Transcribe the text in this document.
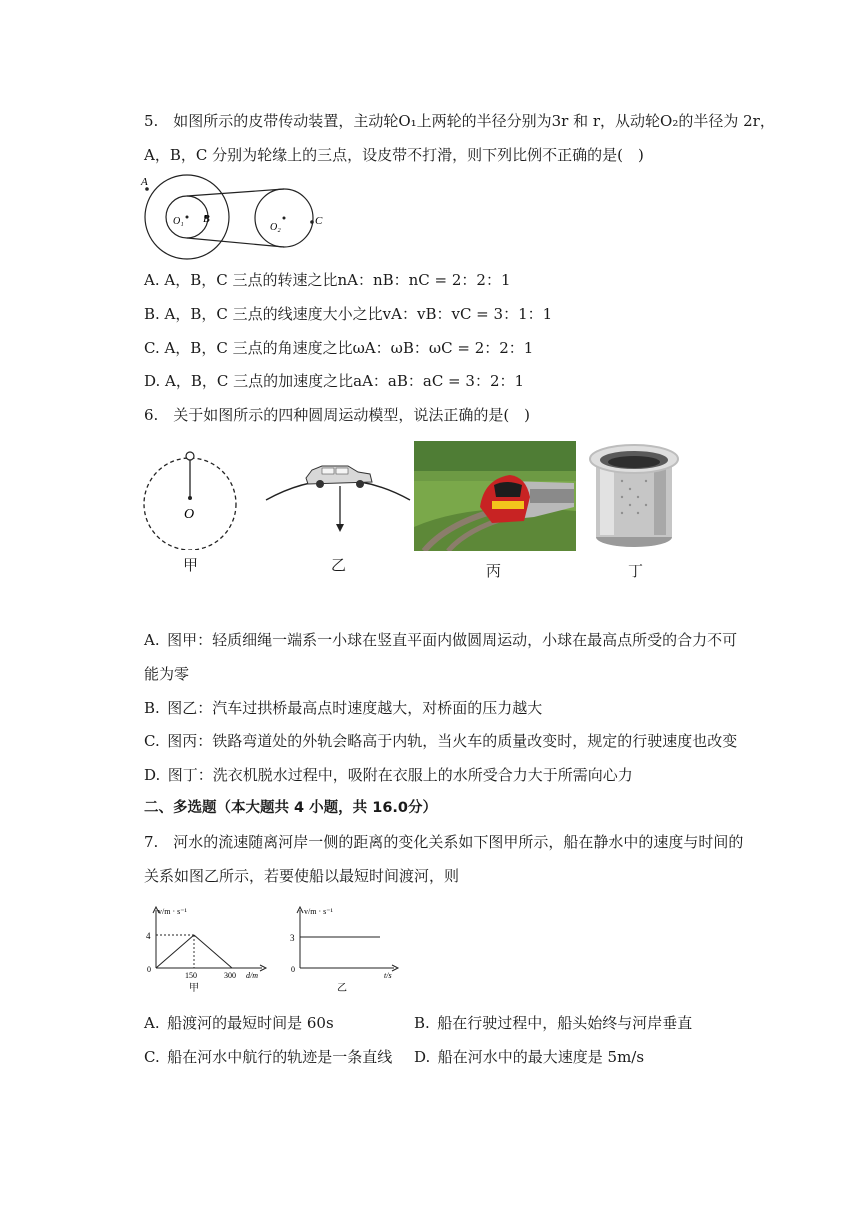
5. 如图所示的皮带传动装置，主动轮O₁上两轮的半径分别为3r 和 r，从动轮O₂的半径为 2r，
A，B，C 分别为轮缘上的三点，设皮带不打滑，则下列比例不正确的是( )
A
O₁ B
O₂
C
A. A，B，C 三点的转速之比nA：nB：nC = 2：2：1
B. A，B，C 三点的线速度大小之比vA：vB：vC = 3：1：1
C. A，B，C 三点的角速度之比ωA：ωB：ωC = 2：2：1
D. A，B，C 三点的加速度之比aA：aB：aC = 3：2：1
6. 关于如图所示的四种圆周运动模型，说法正确的是( )
O
甲	乙	丙	丁
A. 图甲：轻质细绳一端系一小球在竖直平面内做圆周运动，小球在最高点所受的合力不可
能为零
B. 图乙：汽车过拱桥最高点时速度越大，对桥面的压力越大
C. 图丙：铁路弯道处的外轨会略高于内轨，当火车的质量改变时，规定的行驶速度也改变
D. 图丁：洗衣机脱水过程中，吸附在衣服上的水所受合力大于所需向心力
二、多选题（本大题共 4 小题，共 16.0分）
7. 河水的流速随离河岸一侧的距离的变化关系如下图甲所示，船在静水中的速度与时间的
关系如图乙所示，若要使船以最短时间渡河，则
v/m · s⁻¹
4
0
150	300 d/m
甲
v/m · s⁻¹
3
0
t/s
乙
A. 船渡河的最短时间是 60s	B. 船在行驶过程中，船头始终与河岸垂直
C. 船在河水中航行的轨迹是一条直线 D. 船在河水中的最大速度是 5m/s
